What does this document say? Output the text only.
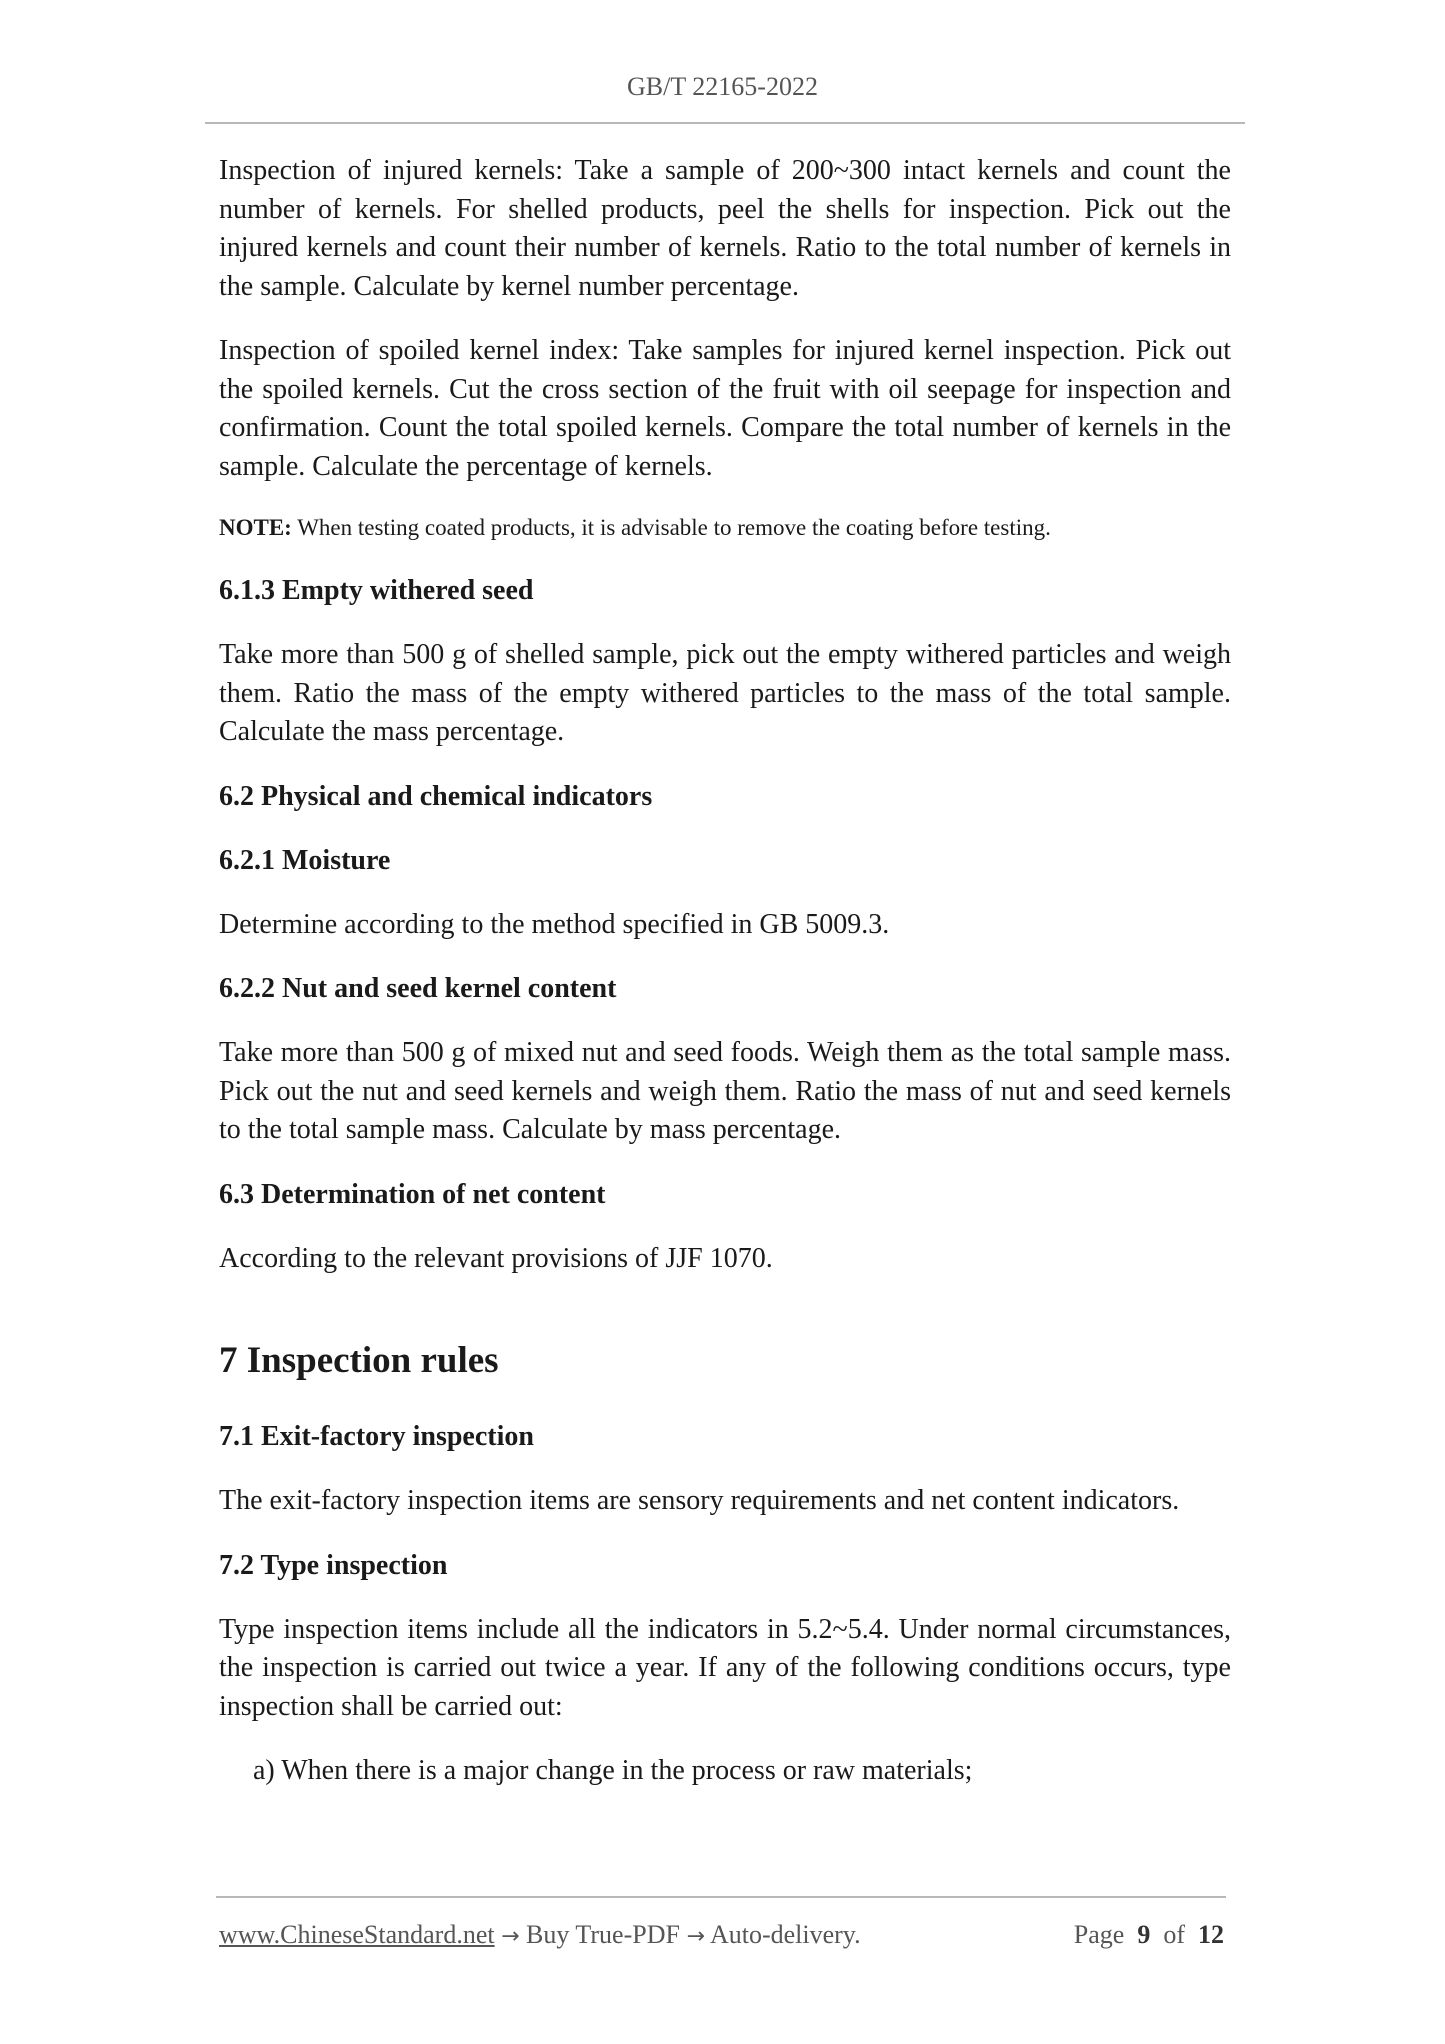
GB/T 22165-2022

Inspection of injured kernels: Take a sample of 200~300 intact kernels and count the number of kernels. For shelled products, peel the shells for inspection. Pick out the injured kernels and count their number of kernels. Ratio to the total number of kernels in the sample. Calculate by kernel number percentage.

Inspection of spoiled kernel index: Take samples for injured kernel inspection. Pick out the spoiled kernels. Cut the cross section of the fruit with oil seepage for inspection and confirmation. Count the total spoiled kernels. Compare the total number of kernels in the sample. Calculate the percentage of kernels.

NOTE: When testing coated products, it is advisable to remove the coating before testing.

6.1.3 Empty withered seed

Take more than 500 g of shelled sample, pick out the empty withered particles and weigh them. Ratio the mass of the empty withered particles to the mass of the total sample. Calculate the mass percentage.

6.2 Physical and chemical indicators
6.2.1 Moisture

Determine according to the method specified in GB 5009.3.

6.2.2 Nut and seed kernel content

Take more than 500 g of mixed nut and seed foods. Weigh them as the total sample mass. Pick out the nut and seed kernels and weigh them. Ratio the mass of nut and seed kernels to the total sample mass. Calculate by mass percentage.

6.3 Determination of net content

According to the relevant provisions of JJF 1070.

7 Inspection rules
7.1 Exit-factory inspection

The exit-factory inspection items are sensory requirements and net content indicators.

7.2 Type inspection

Type inspection items include all the indicators in 5.2~5.4. Under normal circumstances, the inspection is carried out twice a year. If any of the following conditions occurs, type inspection shall be carried out:

a) When there is a major change in the process or raw materials;

www.ChineseStandard.net → Buy True-PDF → Auto-delivery.	Page 9 of 12
